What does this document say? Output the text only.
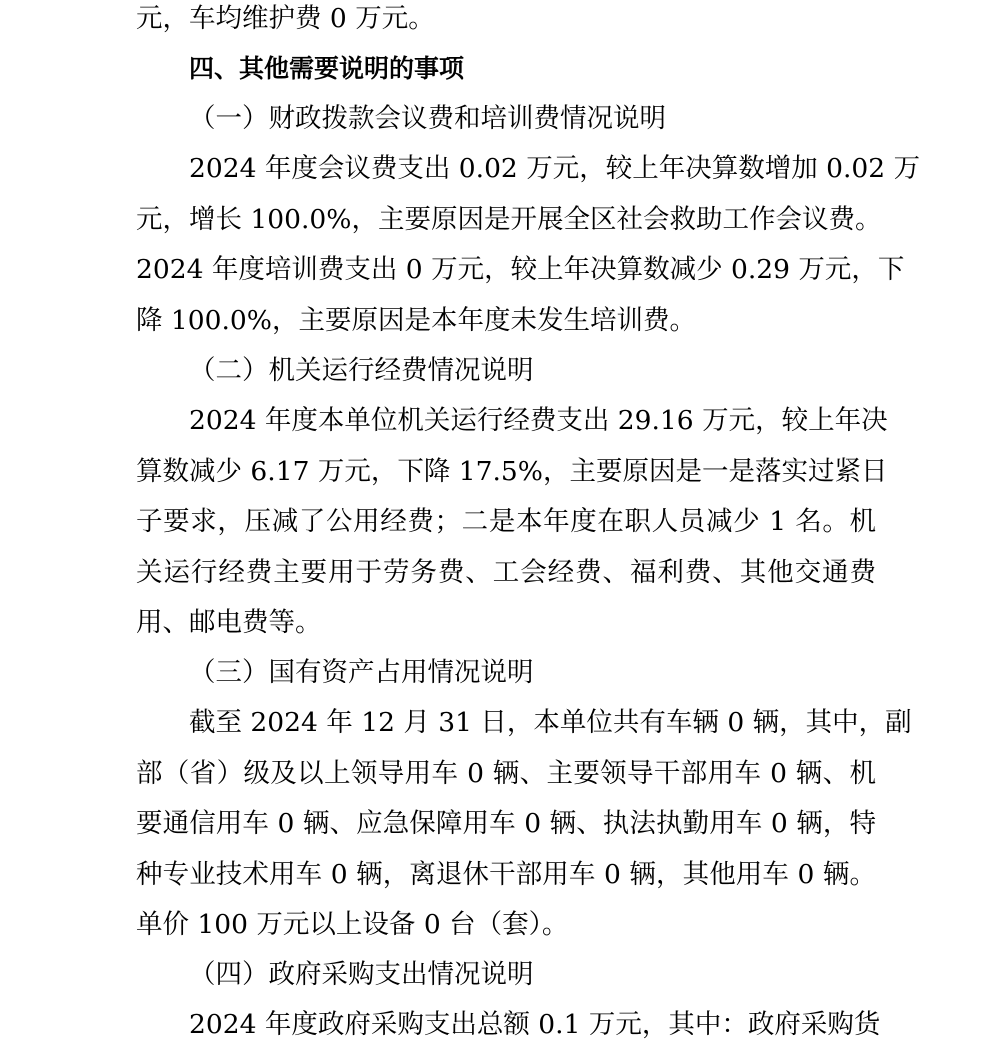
元，车均维护费 0 万元。
四、其他需要说明的事项
（一）财政拨款会议费和培训费情况说明
2024 年度会议费支出 0.02 万元，较上年决算数增加 0.02 万
元，增长 100.0%，主要原因是开展全区社会救助工作会议费。
2024 年度培训费支出 0 万元，较上年决算数减少 0.29 万元，下
降 100.0%，主要原因是本年度未发生培训费。
（二）机关运行经费情况说明
2024 年度本单位机关运行经费支出 29.16 万元，较上年决
算数减少 6.17 万元，下降 17.5%，主要原因是一是落实过紧日
子要求，压减了公用经费；二是本年度在职人员减少 1 名。机
关运行经费主要用于劳务费、工会经费、福利费、其他交通费
用、邮电费等。
（三）国有资产占用情况说明
截至 2024 年 12 月 31 日，本单位共有车辆 0 辆，其中，副
部（省）级及以上领导用车 0 辆、主要领导干部用车 0 辆、机
要通信用车 0 辆、应急保障用车 0 辆、执法执勤用车 0 辆，特
种专业技术用车 0 辆，离退休干部用车 0 辆，其他用车 0 辆。
单价 100 万元以上设备 0 台（套）。
（四）政府采购支出情况说明
2024 年度政府采购支出总额 0.1 万元，其中：政府采购货
